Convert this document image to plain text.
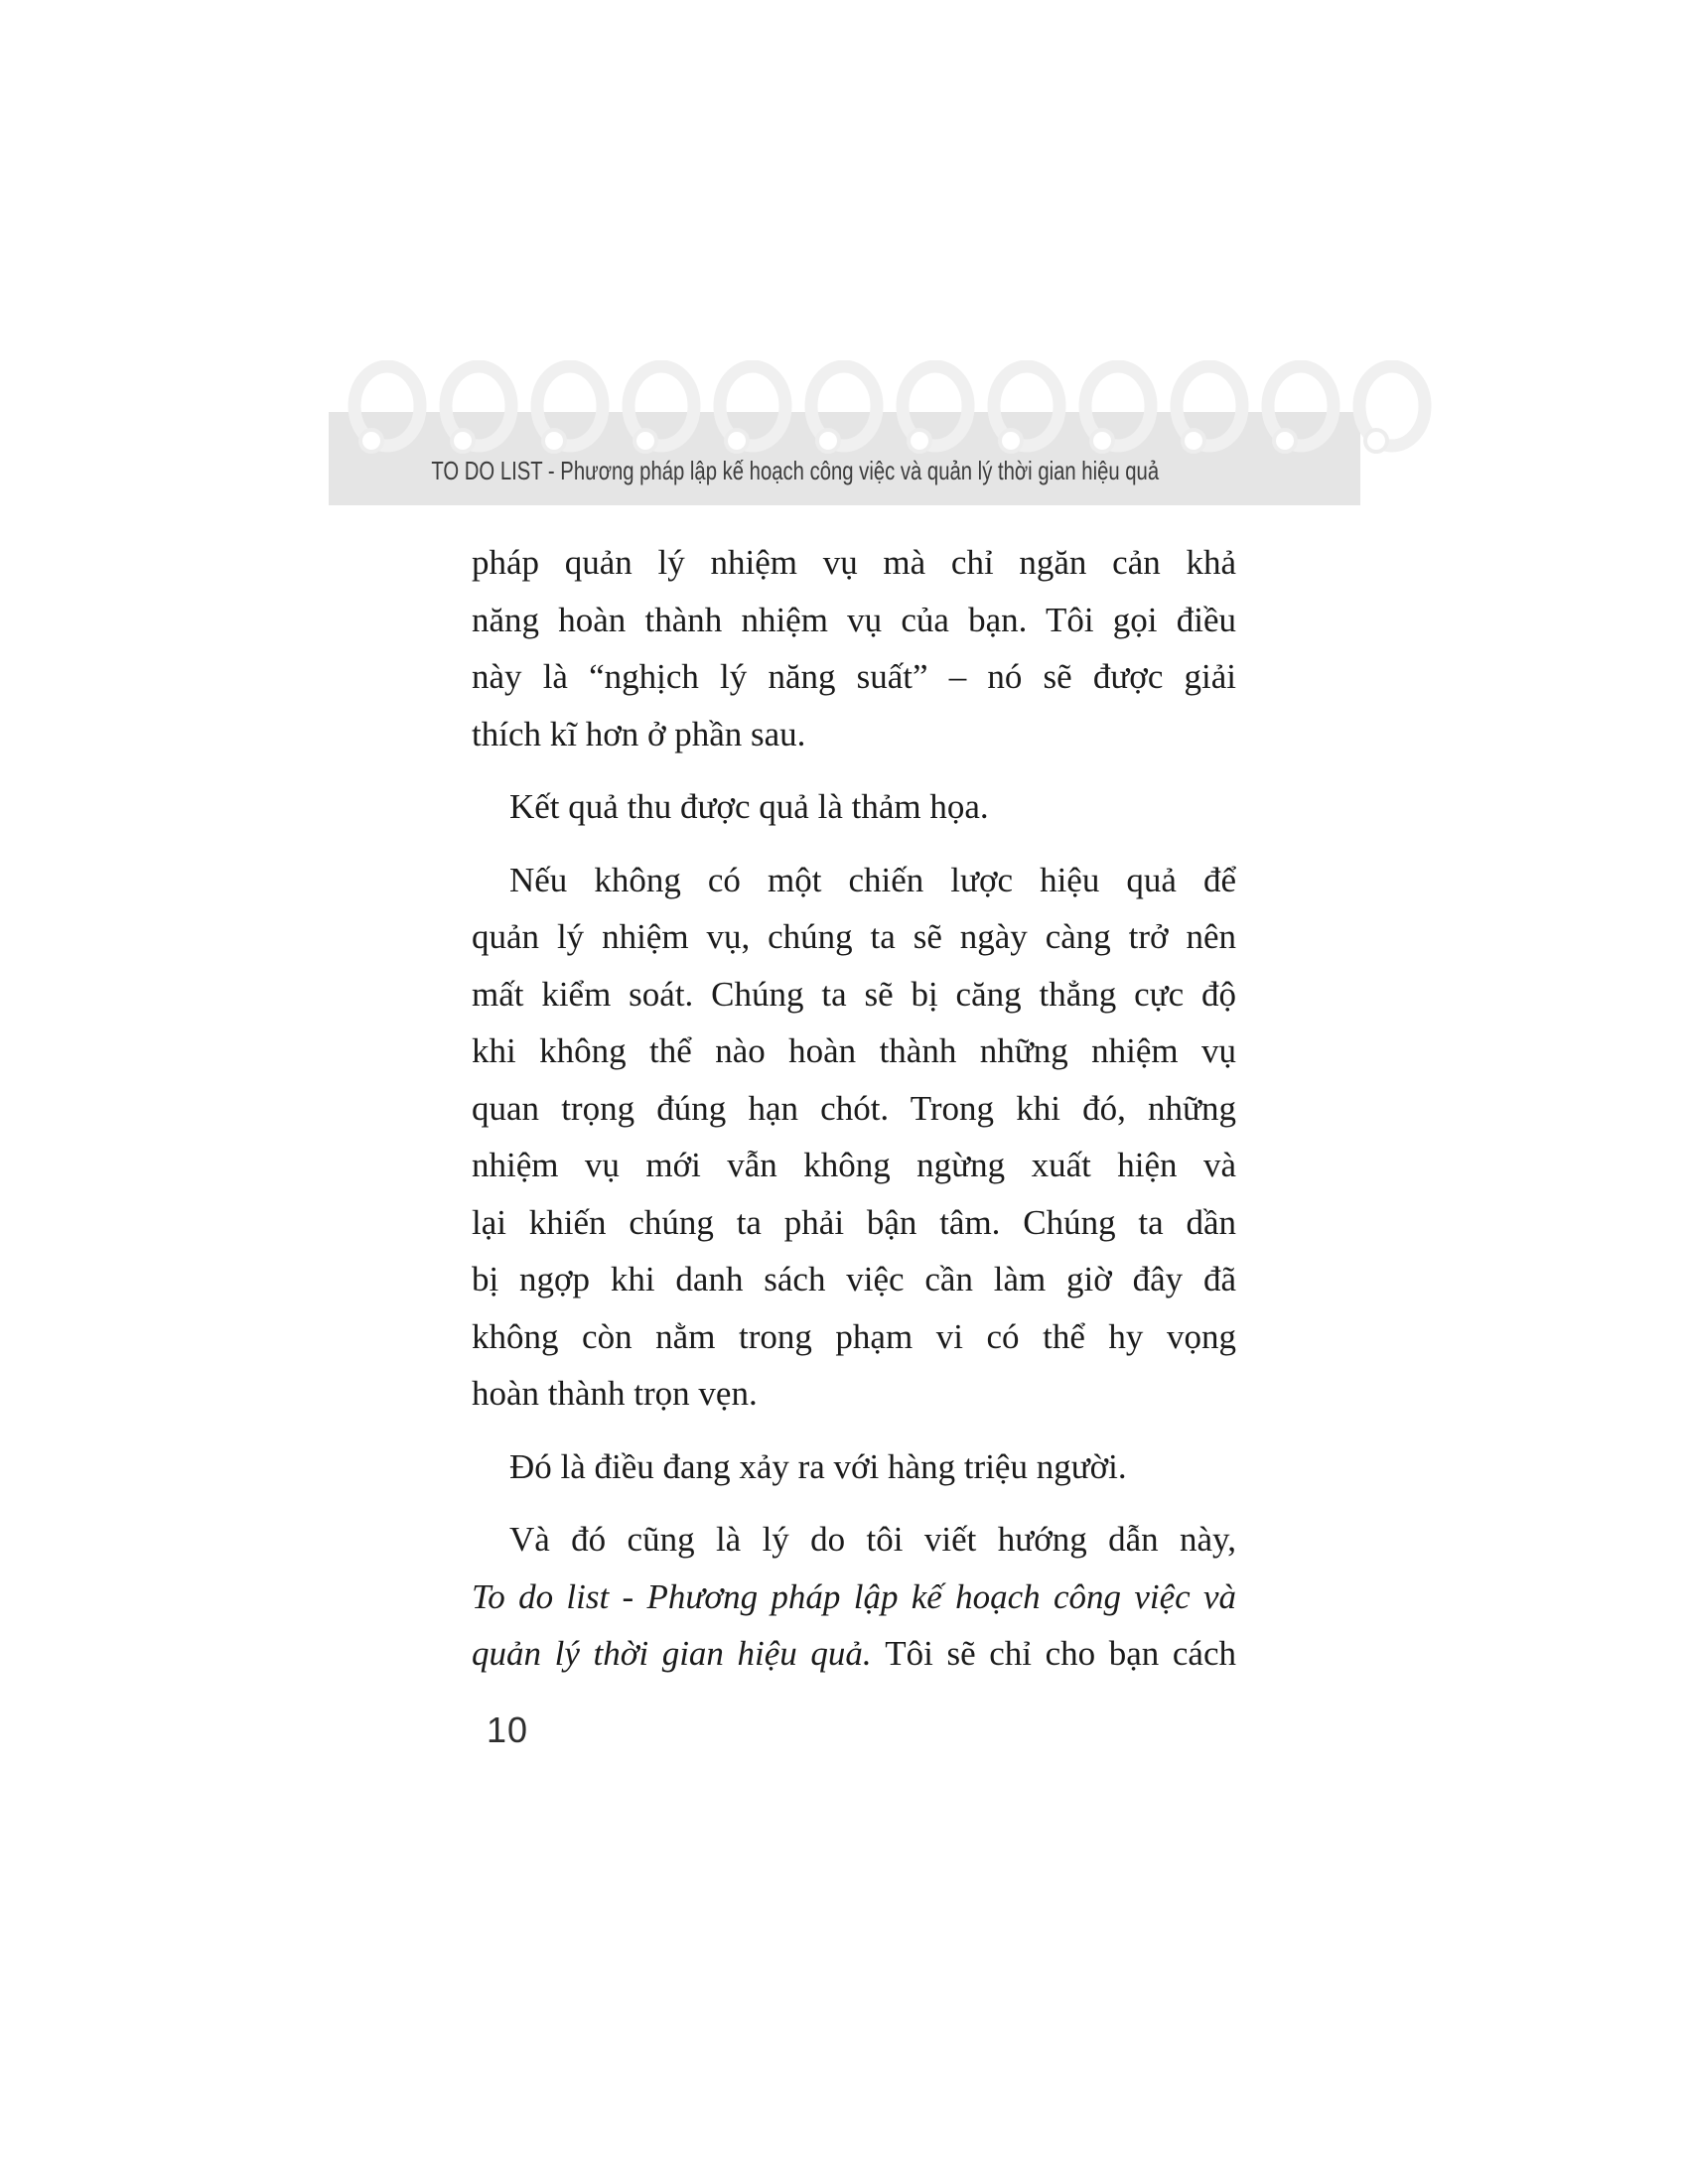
TO DO LIST - Phương pháp lập kế hoạch công việc và quản lý thời gian hiệu quả
pháp quản lý nhiệm vụ mà chỉ ngăn cản khả
năng hoàn thành nhiệm vụ của bạn. Tôi gọi điều
này là “nghịch lý năng suất” – nó sẽ được giải
thích kĩ hơn ở phần sau.
Kết quả thu được quả là thảm họa.
Nếu không có một chiến lược hiệu quả để
quản lý nhiệm vụ, chúng ta sẽ ngày càng trở nên
mất kiểm soát. Chúng ta sẽ bị căng thẳng cực độ
khi không thể nào hoàn thành những nhiệm vụ
quan trọng đúng hạn chót. Trong khi đó, những
nhiệm vụ mới vẫn không ngừng xuất hiện và
lại khiến chúng ta phải bận tâm. Chúng ta dần
bị ngợp khi danh sách việc cần làm giờ đây đã
không còn nằm trong phạm vi có thể hy vọng
hoàn thành trọn vẹn.
Đó là điều đang xảy ra với hàng triệu người.
Và đó cũng là lý do tôi viết hướng dẫn này,
To do list - Phương pháp lập kế hoạch công việc và
quản lý thời gian hiệu quả. Tôi sẽ chỉ cho bạn cách
10
